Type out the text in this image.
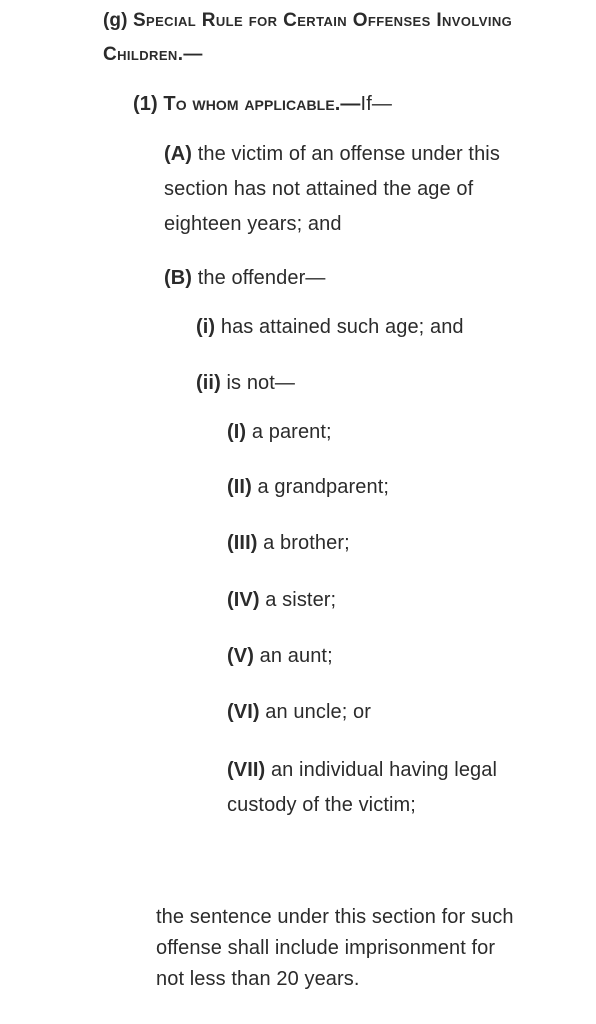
(g) Special Rule for Certain Offenses Involving Children.—

(1) To whom applicable.—If—

(A) the victim of an offense under this section has not attained the age of eighteen years; and

(B) the offender—

(i) has attained such age; and

(ii) is not—

(I) a parent;

(II) a grandparent;

(III) a brother;

(IV) a sister;

(V) an aunt;

(VI) an uncle; or

(VII) an individual having legal custody of the victim;

the sentence under this section for such offense shall include imprisonment for not less than 20 years.
